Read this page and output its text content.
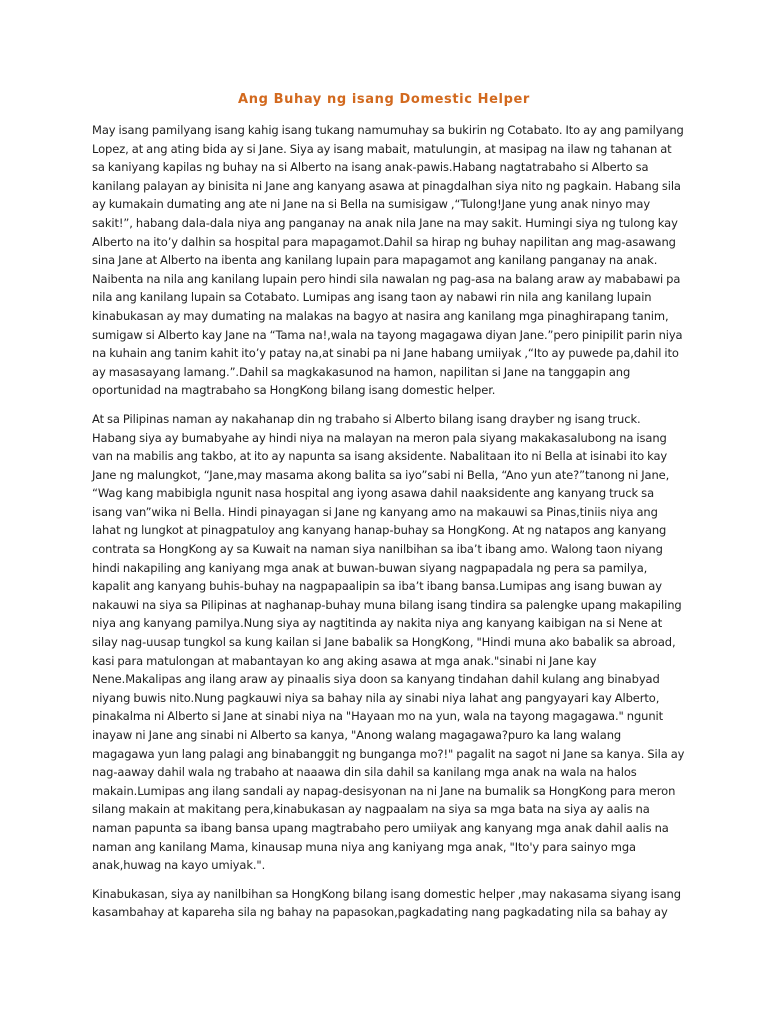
Ang Buhay ng isang Domestic Helper

May isang pamilyang isang kahig isang tukang namumuhay sa bukirin ng Cotabato. Ito ay ang pamilyang Lopez, at ang ating bida ay si Jane. Siya ay isang mabait, matulungin, at masipag na ilaw ng tahanan at sa kaniyang kapilas ng buhay na si Alberto na isang anak-pawis.Habang nagtatrabaho si Alberto sa kanilang palayan ay binisita ni Jane ang kanyang asawa at pinagdalhan siya nito ng pagkain. Habang sila ay kumakain dumating ang ate ni Jane na si Bella na sumisigaw ,“Tulong!Jane yung anak ninyo may sakit!”, habang dala-dala niya ang panganay na anak nila Jane na may sakit. Humingi siya ng tulong kay Alberto na ito’y dalhin sa hospital para mapagamot.Dahil sa hirap ng buhay napilitan ang mag-asawang sina Jane at Alberto na ibenta ang kanilang lupain para mapagamot ang kanilang panganay na anak. Naibenta na nila ang kanilang lupain pero hindi sila nawalan ng pag-asa na balang araw ay mababawi pa nila ang kanilang lupain sa Cotabato. Lumipas ang isang taon ay nabawi rin nila ang kanilang lupain kinabukasan ay may dumating na malakas na bagyo at nasira ang kanilang mga pinaghirapang tanim, sumigaw si Alberto kay Jane na “Tama na!,wala na tayong magagawa diyan Jane.”pero pinipilit parin niya na kuhain ang tanim kahit ito’y patay na,at sinabi pa ni Jane habang umiiyak ,“Ito ay puwede pa,dahil ito ay masasayang lamang.”.Dahil sa magkakasunod na hamon, napilitan si Jane na tanggapin ang oportunidad na magtrabaho sa HongKong bilang isang domestic helper.

At sa Pilipinas naman ay nakahanap din ng trabaho si Alberto bilang isang drayber ng isang truck. Habang siya ay bumabyahe ay hindi niya na malayan na meron pala siyang makakasalubong na isang van na mabilis ang takbo, at ito ay napunta sa isang aksidente. Nabalitaan ito ni Bella at isinabi ito kay Jane ng malungkot, “Jane,may masama akong balita sa iyo”sabi ni Bella, “Ano yun ate?”tanong ni Jane, “Wag kang mabibigla ngunit nasa hospital ang iyong asawa dahil naaksidente ang kanyang truck sa isang van”wika ni Bella. Hindi pinayagan si Jane ng kanyang amo na makauwi sa Pinas,tiniis niya ang lahat ng lungkot at pinagpatuloy ang kanyang hanap-buhay sa HongKong. At ng natapos ang kanyang contrata sa HongKong ay sa Kuwait na naman siya nanilbihan sa iba’t ibang amo. Walong taon niyang hindi nakapiling ang kaniyang mga anak at buwan-buwan siyang nagpapadala ng pera sa pamilya, kapalit ang kanyang buhis-buhay na nagpapaalipin sa iba’t ibang bansa.Lumipas ang isang buwan ay nakauwi na siya sa Pilipinas at naghanap-buhay muna bilang isang tindira sa palengke upang makapiling niya ang kanyang pamilya.Nung siya ay nagtitinda ay nakita niya ang kanyang kaibigan na si Nene at silay nag-uusap tungkol sa kung kailan si Jane babalik sa HongKong, "Hindi muna ako babalik sa abroad, kasi para matulongan at mabantayan ko ang aking asawa at mga anak."sinabi ni Jane kay Nene.Makalipas ang ilang araw ay pinaalis siya doon sa kanyang tindahan dahil kulang ang binabyad niyang buwis nito.Nung pagkauwi niya sa bahay nila ay sinabi niya lahat ang pangyayari kay Alberto, pinakalma ni Alberto si Jane at sinabi niya na "Hayaan mo na yun, wala na tayong magagawa." ngunit inayaw ni Jane ang sinabi ni Alberto sa kanya, "Anong walang magagawa?puro ka lang walang magagawa yun lang palagi ang binabanggit ng bunganga mo?!" pagalit na sagot ni Jane sa kanya. Sila ay nag-aaway dahil wala ng trabaho at naaawa din sila dahil sa kanilang mga anak na wala na halos makain.Lumipas ang ilang sandali ay napag-desisyonan na ni Jane na bumalik sa HongKong para meron silang makain at makitang pera,kinabukasan ay nagpaalam na siya sa mga bata na siya ay aalis na naman papunta sa ibang bansa upang magtrabaho pero umiiyak ang kanyang mga anak dahil aalis na naman ang kanilang Mama, kinausap muna niya ang kaniyang mga anak, "Ito'y para sainyo mga anak,huwag na kayo umiyak.".

Kinabukasan, siya ay nanilbihan sa HongKong bilang isang domestic helper ,may nakasama siyang isang kasambahay at kapareha sila ng bahay na papasokan,pagkadating nang pagkadating nila sa bahay ay
